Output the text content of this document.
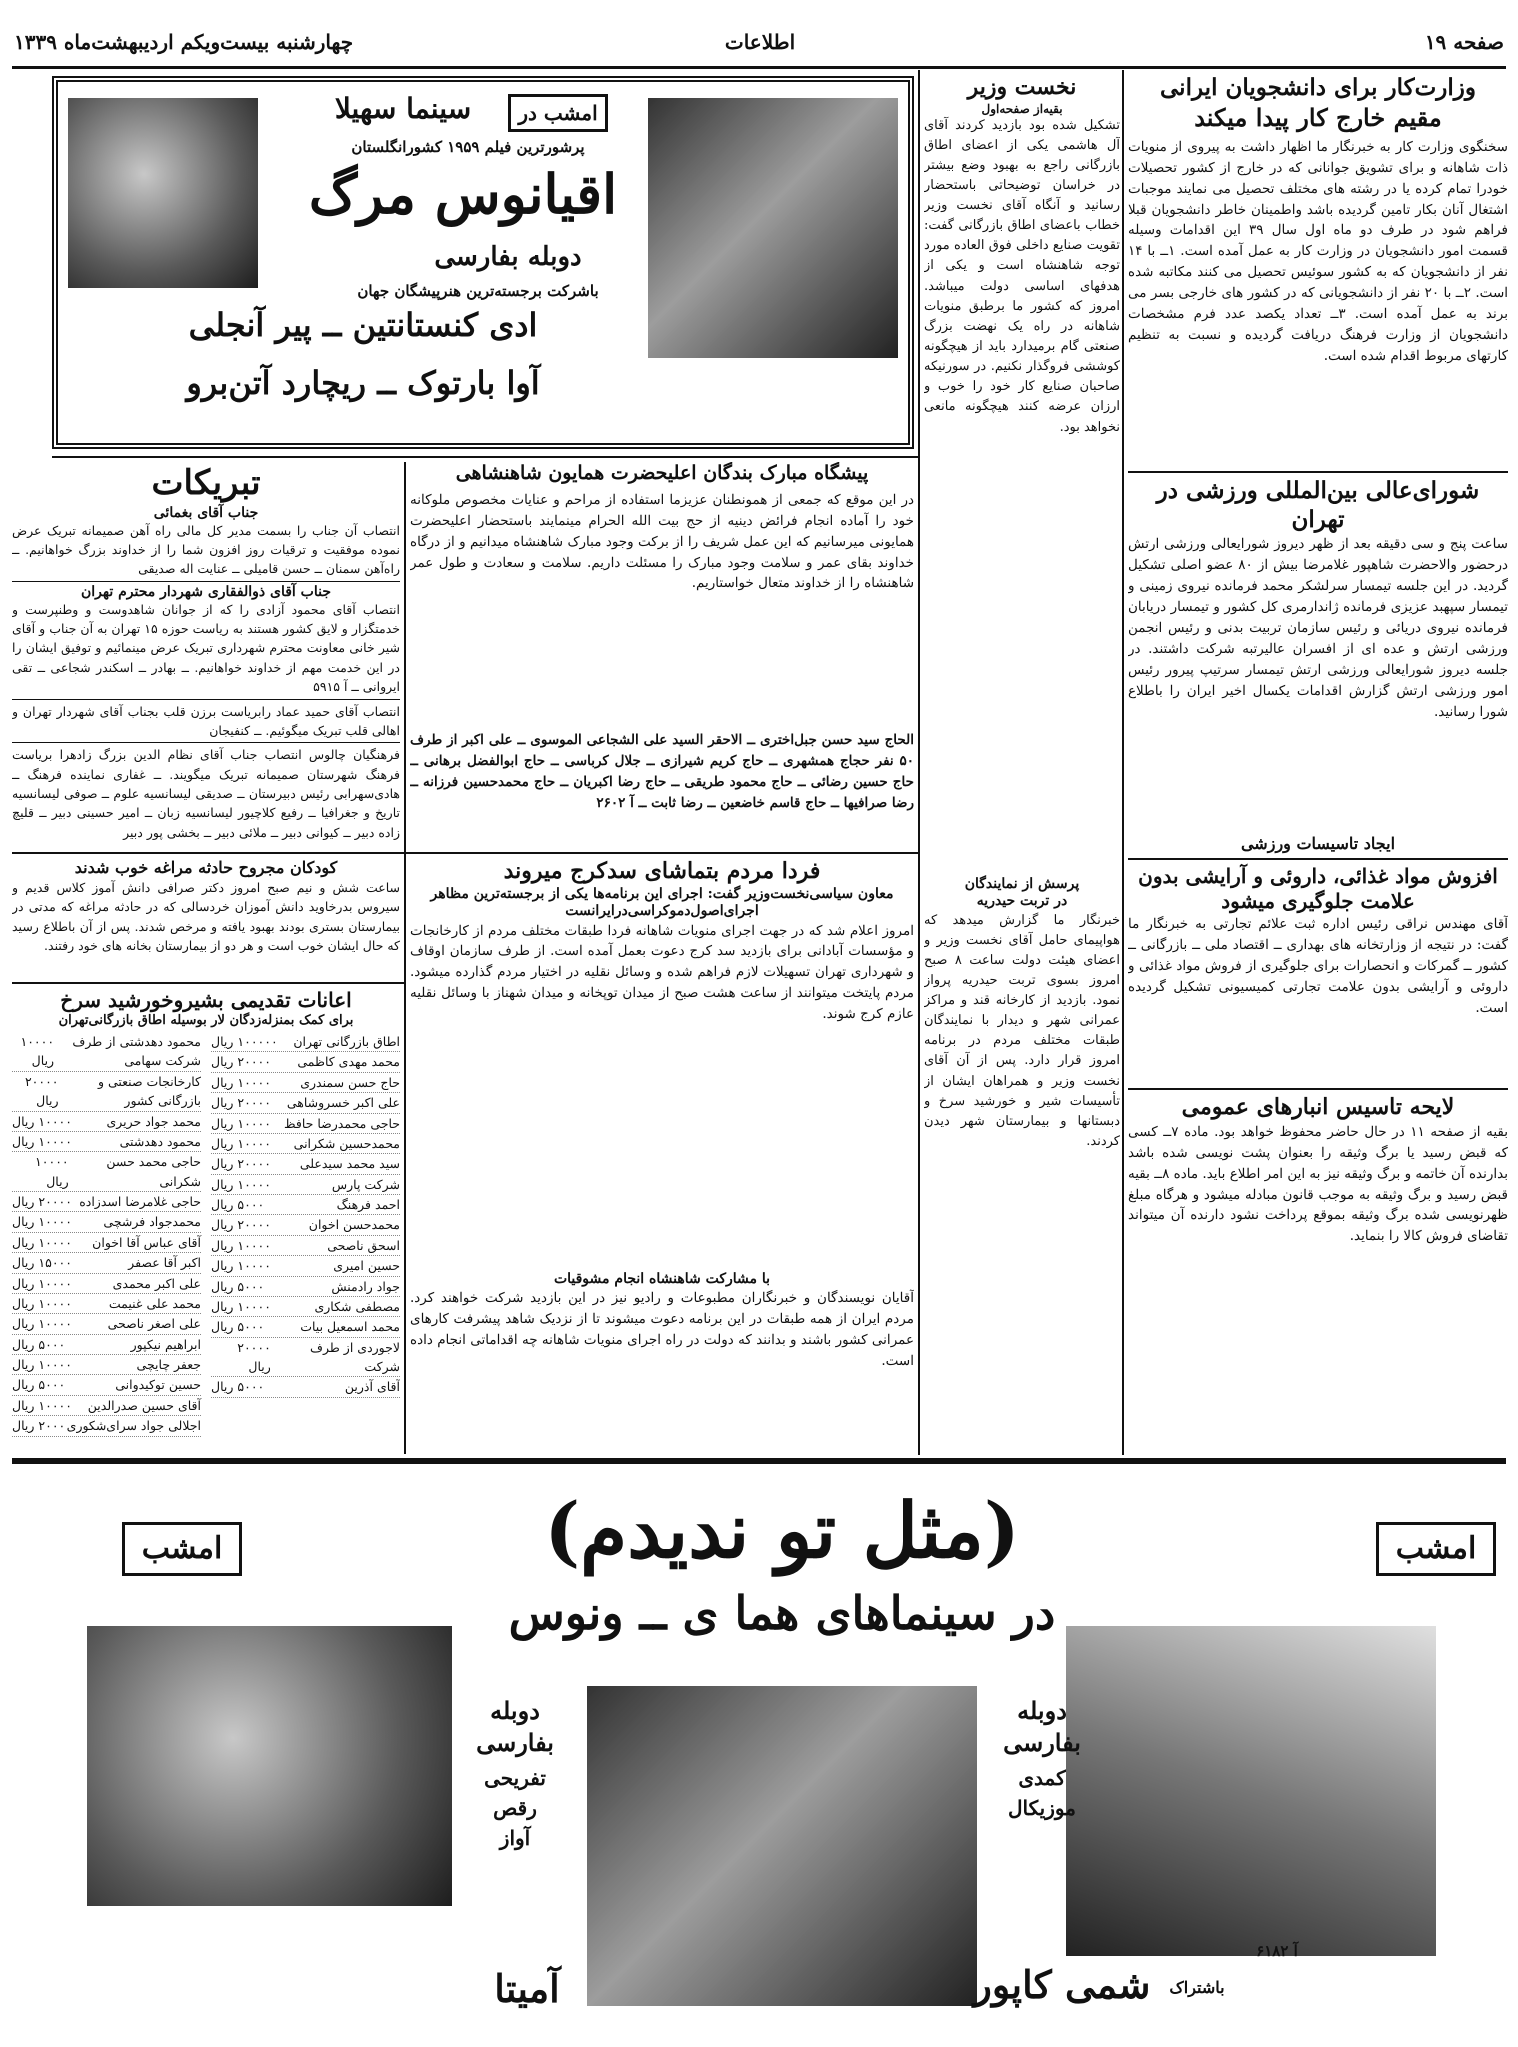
صفحه ۱۹
اطلاعات
چهارشنبه بیست‌ویکم اردیبهشت‌ماه ۱۳۳۹
وزارت‌کار برای دانشجویان ایرانی
مقیم خارج کار پیدا میکند
سخنگوی وزارت کار به خبرنگار ما اظهار داشت به پیروی از منویات ذات شاهانه و برای تشویق جوانانی که در خارج از کشور تحصیلات خودرا تمام کرده یا در رشته های مختلف تحصیل می نمایند موجبات اشتغال آنان بکار تامین گردیده باشد واطمینان خاطر دانشجویان قبلا فراهم شود در طرف دو ماه اول سال ۳۹ این اقدامات وسیله قسمت امور دانشجویان در وزارت کار به عمل آمده است. ۱ــ با ۱۴ نفر از دانشجویان که به کشور سوئیس تحصیل می کنند مکاتبه شده است. ۲ــ با ۲۰ نفر از دانشجویانی که در کشور های خارجی بسر می برند به عمل آمده است. ۳ــ تعداد یکصد عدد فرم مشخصات دانشجویان از وزارت فرهنگ دریافت گردیده و نسبت به تنظیم کارتهای مربوط اقدام شده است.
شورای‌عالی بین‌المللی ورزشی در تهران
ساعت پنج و سی دقیقه بعد از ظهر دیروز شورایعالی ورزشی ارتش درحضور والاحضرت شاهپور غلامرضا بیش از ۸۰ عضو اصلی تشکیل گردید. در این جلسه تیمسار سرلشکر محمد فرمانده نیروی زمینی و تیمسار سپهبد عزیزی فرمانده ژاندارمری کل کشور و تیمسار دریابان فرمانده نیروی دریائی و رئیس سازمان تربیت بدنی و رئیس انجمن ورزشی ارتش و عده ای از افسران عالیرتبه شرکت داشتند. در جلسه دیروز شورایعالی ورزشی ارتش تیمسار سرتیپ پیرور رئیس امور ورزشی ارتش گزارش اقدامات یکسال اخیر ایران را باطلاع شورا رسانید.
ایجاد تاسیسات ورزشی
افزوش مواد غذائی، داروئی و آرایشی بدون علامت جلوگیری میشود
آقای مهندس نراقی رئیس اداره ثبت علائم تجارتی به خبرنگار ما گفت: در نتیجه از وزارتخانه های بهداری ــ اقتصاد ملی ــ بازرگانی ــ کشور ــ گمرکات و انحصارات برای جلوگیری از فروش مواد غذائی و داروئی و آرایشی بدون علامت تجارتی کمیسیونی تشکیل گردیده است.
لایحه تاسیس انبارهای عمومی
بقیه از صفحه ۱۱ در حال حاضر محفوظ خواهد بود. ماده ۷ــ کسی که قبض رسید یا برگ وثیقه را بعنوان پشت نویسی شده باشد بدارنده آن خاتمه و برگ وثیقه نیز به این امر اطلاع باید. ماده ۸ــ بقیه قبض رسید و برگ وثیقه به موجب قانون مبادله میشود و هرگاه مبلغ ظهرنویسی شده برگ وثیقه بموقع پرداخت نشود دارنده آن میتواند تقاضای فروش کالا را بنماید.
نخست وزیر
بقیه‌از صفحه‌اول
تشکیل شده بود بازدید کردند آقای آل هاشمی یکی از اعضای اطاق بازرگانی راجع به بهبود وضع بیشتر در خراسان توضیحاتی باستحضار رسانید و آنگاه آقای نخست وزیر خطاب باعضای اطاق بازرگانی گفت: تقویت صنایع داخلی فوق العاده مورد توجه شاهنشاه است و یکی از هدفهای اساسی دولت میباشد. امروز که کشور ما برطبق منویات شاهانه در راه یک نهضت بزرگ صنعتی گام برمیدارد باید از هیچگونه کوششی فروگذار نکنیم. در سورنیکه صاحبان صنایع کار خود را خوب و ارزان عرضه کنند هیچگونه مانعی نخواهد بود.
پرسش از نمایندگان
در تربت حیدریه
خبرنگار ما گزارش میدهد که هواپیمای حامل آقای نخست وزیر و اعضای هیئت دولت ساعت ۸ صبح امروز بسوی تربت حیدریه پرواز نمود. بازدید از کارخانه قند و مراکز عمرانی شهر و دیدار با نمایندگان طبقات مختلف مردم در برنامه امروز قرار دارد. پس از آن آقای نخست وزیر و همراهان ایشان از تأسیسات شیر و خورشید سرخ و دبستانها و بیمارستان شهر دیدن کردند.
امشب در
سینما سهیلا
پرشورترین فیلم ۱۹۵۹ کشورانگلستان
اقیانوس مرگ
دوبله بفارسی
باشرکت برجسته‌ترین هنرپیشگان جهان
ادی کنستانتین ــ پیر آنجلی
آوا بارتوک ــ ریچارد آتن‌برو
پیشگاه مبارک بندگان اعلیحضرت همایون شاهنشاهی
در این موقع که جمعی از همونطنان عزیزما استفاده از مراحم و عنایات مخصوص ملوکانه خود را آماده انجام فرائض دینیه از حج بیت الله الحرام مینمایند باستحضار اعلیحضرت همایونی میرسانیم که این عمل شریف را از برکت وجود مبارک شاهنشاه میدانیم و از درگاه خداوند بقای عمر و سلامت وجود مبارک را مسئلت داریم. سلامت و سعادت و طول عمر شاهنشاه را از خداوند متعال خواستاریم.
الحاج سید حسن جبل‌اختری ــ الاحقر السید علی الشجاعی الموسوی ــ علی اکبر از طرف ۵۰ نفر حجاج همشهری ــ حاج کریم شیرازی ــ جلال کرباسی ــ حاج ابوالفضل برهانی ــ حاج حسین رضائی ــ حاج محمود طریقی ــ حاج رضا اکبریان ــ حاج محمدحسین فرزانه ــ رضا صرافیها ــ حاج قاسم خاضعین ــ رضا ثابت ــ آ ۲۶۰۲
تبریکات
جناب آقای بغمائی
انتصاب آن جناب را بسمت مدیر کل مالی راه آهن صمیمانه تبریک عرض نموده موفقیت و ترقیات روز افزون شما را از خداوند بزرگ خواهانیم. ــ راه‌آهن سمنان ــ حسن قامیلی ــ عنایت اله صدیقی
جناب آقای ذوالفقاری شهردار محترم تهران
انتصاب آقای محمود آزادی را که از جوانان شاهدوست و وطنپرست و خدمتگزار و لایق کشور هستند به ریاست حوزه ۱۵ تهران به آن جناب و آقای شیر خانی معاونت محترم شهرداری تبریک عرض مینمائیم و توفیق ایشان را در این خدمت مهم از خداوند خواهانیم. ــ بهادر ــ اسکندر شجاعی ــ تقی ایروانی ــ آ ۵۹۱۵
انتصاب آقای حمید عماد رابریاست برزن قلب بجناب آقای شهردار تهران و اهالی قلب تبریک میگوئیم. ــ کنفیجان
فرهنگیان چالوس انتصاب جناب آقای نظام الدین بزرگ زادهرا بریاست فرهنگ شهرستان صمیمانه تبریک میگویند. ــ غفاری نماینده فرهنگ ــ هادی‌سهرابی رئیس دبیرستان ــ صدیقی لیسانسیه علوم ــ صوفی لیسانسیه تاریخ و جغرافیا ــ رفیع کلاچیور لیسانسیه زبان ــ امیر حسینی دبیر ــ قلیچ زاده دبیر ــ کیوانی دبیر ــ ملائی دبیر ــ بخشی پور دبیر
فردا مردم بتماشای سدکرج میروند
معاون سیاسی‌نخست‌وزیر گفت: اجرای این برنامه‌ها یکی از برجسته‌ترین مظاهر اجرای‌اصول‌دموکراسی‌درایرانست
امروز اعلام شد که در جهت اجرای منویات شاهانه فردا طبقات مختلف مردم از کارخانجات و مؤسسات آبادانی برای بازدید سد کرج دعوت بعمل آمده است. از طرف سازمان اوقاف و شهرداری تهران تسهیلات لازم فراهم شده و وسائل نقلیه در اختیار مردم گذارده میشود. مردم پایتخت میتوانند از ساعت هشت صبح از میدان توپخانه و میدان شهناز با وسائل نقلیه عازم کرج شوند.
با مشارکت شاهنشاه انجام مشوقیات
آقایان نویسندگان و خبرنگاران مطبوعات و رادیو نیز در این بازدید شرکت خواهند کرد. مردم ایران از همه طبقات در این برنامه دعوت میشوند تا از نزدیک شاهد پیشرفت کارهای عمرانی کشور باشند و بدانند که دولت در راه اجرای منویات شاهانه چه اقداماتی انجام داده است.
کودکان مجروح حادثه مراغه خوب شدند
ساعت شش و نیم صبح امروز دکتر صرافی دانش آموز کلاس قدیم و سیروس بدرخاوید دانش آموزان خردسالی که در حادثه مراغه که مدتی در بیمارستان بستری بودند بهبود یافته و مرخص شدند. پس از آن باطلاع رسید که حال ایشان خوب است و هر دو از بیمارستان بخانه های خود رفتند.
اعانات تقدیمی بشیروخورشید سرخ
برای کمک بمنزله‌زدگان لار بوسیله اطاق بازرگانی‌تهران
اطاق بازرگانی تهران
۱۰۰۰۰۰ ریال
محمد مهدی کاظمی
۲۰۰۰۰ ریال
حاج حسن سمندری
۱۰۰۰۰ ریال
علی اکبر خسروشاهی
۲۰۰۰۰ ریال
حاجی محمدرضا حافظ
۱۰۰۰۰ ریال
محمدحسین شکرانی
۱۰۰۰۰ ریال
سید محمد سیدعلی
۲۰۰۰۰ ریال
شرکت پارس
۱۰۰۰۰ ریال
احمد فرهنگ
۵۰۰۰ ریال
محمدحسن اخوان
۲۰۰۰۰ ریال
اسحق ناصحی
۱۰۰۰۰ ریال
حسین امیری
۱۰۰۰۰ ریال
جواد رادمنش
۵۰۰۰ ریال
مصطفی شکاری
۱۰۰۰۰ ریال
محمد اسمعیل بیات
۵۰۰۰ ریال
لاجوردی از طرف شرکت
۲۰۰۰۰ ریال
آقای آذرین
۵۰۰۰ ریال
محمود دهدشتی از طرف شرکت سهامی
۱۰۰۰۰ ریال
کارخانجات صنعتی و بازرگانی کشور
۲۰۰۰۰ ریال
محمد جواد حریری
۱۰۰۰۰ ریال
محمود دهدشتی
۱۰۰۰۰ ریال
حاجی محمد حسن شکرانی
۱۰۰۰۰ ریال
حاجی غلامرضا اسدزاده
۲۰۰۰۰ ریال
محمدجواد فرشچی
۱۰۰۰۰ ریال
آقای عباس آقا اخوان
۱۰۰۰۰ ریال
اکبر آقا عصفر
۱۵۰۰۰ ریال
علی اکبر محمدی
۱۰۰۰۰ ریال
محمد علی غنیمت
۱۰۰۰۰ ریال
علی اصغر ناصحی
۱۰۰۰۰ ریال
ابراهیم نیکپور
۵۰۰۰ ریال
جعفر چایچی
۱۰۰۰۰ ریال
حسین توکیدوانی
۵۰۰۰ ریال
آقای حسین صدرالدین
۱۰۰۰۰ ریال
اجلالی جواد سرای‌شکوری
۲۰۰۰ ریال
امشب
امشب	(مثل تو ندیدم)
در سینماهای هما ی ــ ونوس
دوبله
بفارسی
کمدی
موزیکال
دوبله
بفارسی
تفریحی
رقص
آواز
باشتراک
شمی کاپور
آمیتا
آ ۶۱۸۲
